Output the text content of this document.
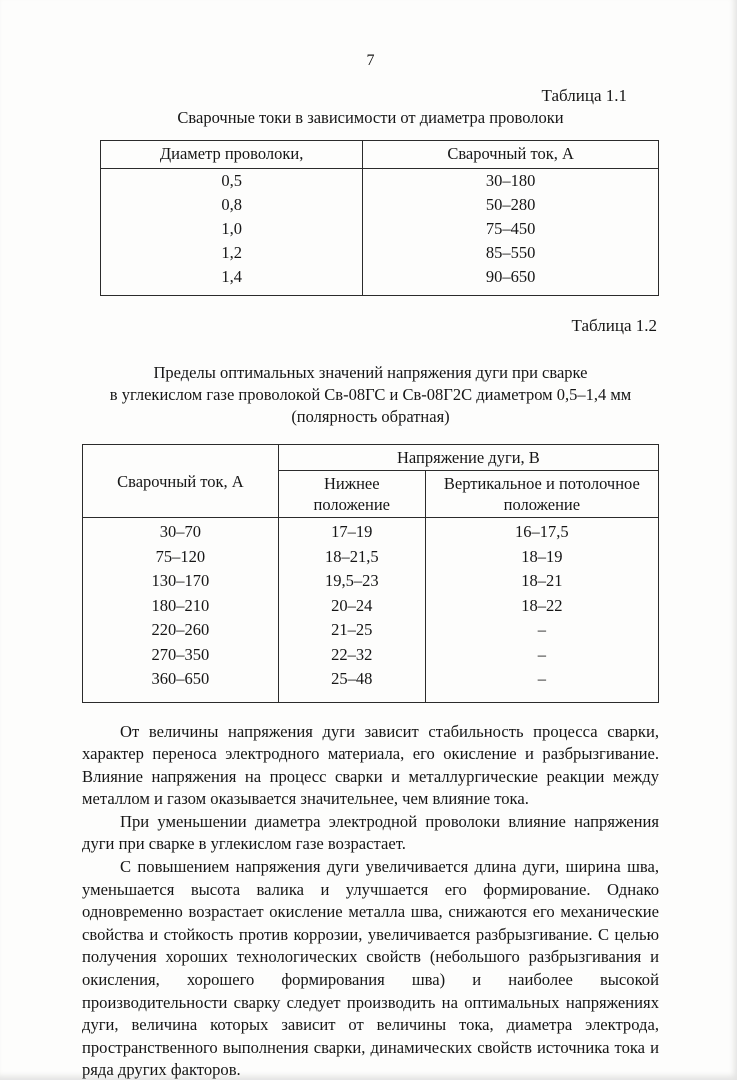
7
Таблица 1.1
Сварочные токи в зависимости от диаметра проволоки
Диаметр проволоки,	Сварочный ток, А
0,5	30–180
0,8	50–280
1,0	75–450
1,2	85–550
1,4	90–650
Таблица 1.2
Пределы оптимальных значений напряжения дуги при сварке
в углекислом газе проволокой Св-08ГС и Св-08Г2С диаметром 0,5–1,4 мм
(полярность обратная)
Сварочный ток, А	Напряжение дуги, В	
	Нижнее положение	Вертикальное и потолочное положение
30–70	17–19	16–17,5
75–120	18–21,5	18–19
130–170	19,5–23	18–21
180–210	20–24	18–22
220–260	21–25	–
270–350	22–32	–
360–650	25–48	–

От величины напряжения дуги зависит стабильность процесса сварки, характер переноса электродного материала, его окисление и разбрызгивание. Влияние напряжения на процесс сварки и металлургические реакции между металлом и газом оказывается значительнее, чем влияние тока.

При уменьшении диаметра электродной проволоки влияние напряжения дуги при сварке в углекислом газе возрастает.

С повышением напряжения дуги увеличивается длина дуги, ширина шва, уменьшается высота валика и улучшается его формирование. Однако одновременно возрастает окисление металла шва, снижаются его механические свойства и стойкость против коррозии, увеличивается разбрызгивание. С целью получения хороших технологических свойств (небольшого разбрызгивания и окисления, хорошего формирования шва) и наиболее высокой производительности сварку следует производить на оптимальных напряжениях дуги, величина которых зависит от величины тока, диаметра электрода, пространственного выполнения сварки, динамических свойств источника тока и ряда других факторов.
